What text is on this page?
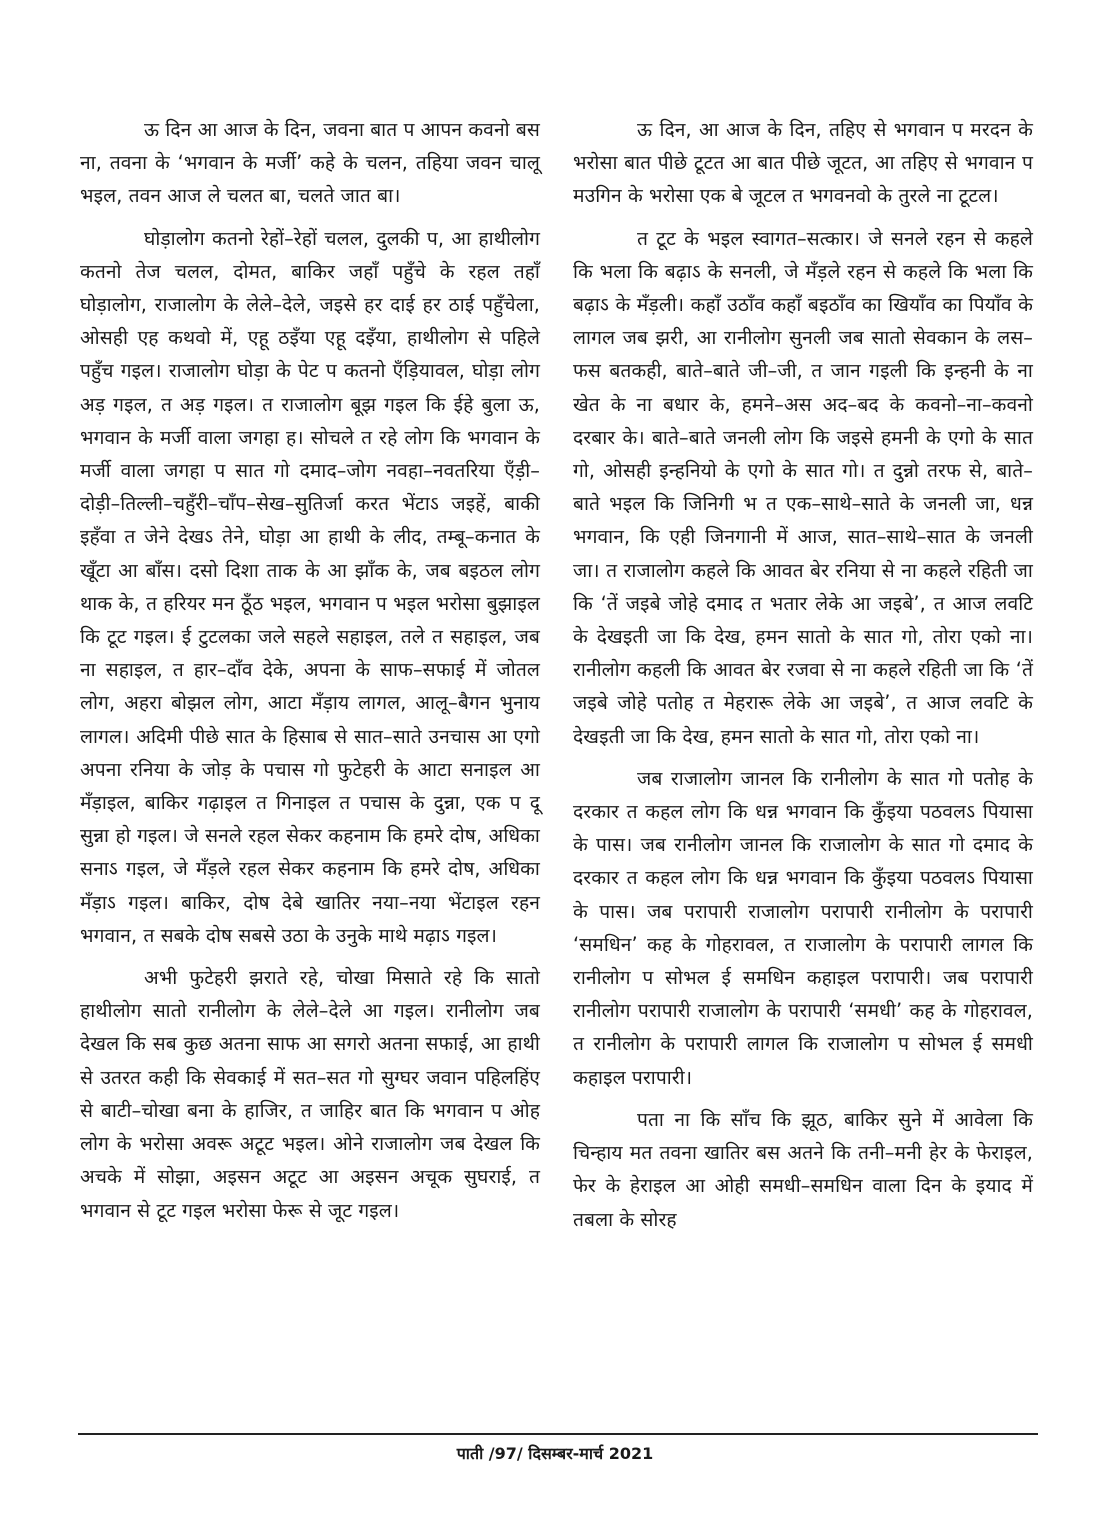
ऊ दिन आ आज के दिन, जवना बात प आपन कवनो बस ना, तवना के ‘भगवान के मर्जी’ कहे के चलन, तहिया जवन चालू भइल, तवन आज ले चलत बा, चलते जात बा।

घोड़ालोग कतनो रेहों–रेहों चलल, दुलकी प, आ हाथीलोग कतनो तेज चलल, दोमत, बाकिर जहाँ पहुँचे के रहल तहाँ घोड़ालोग, राजालोग के लेले–देले, जइसे हर दाई हर ठाई पहुँचेला, ओसही एह कथवो में, एहू ठइँया एहू दइँया, हाथीलोग से पहिले पहुँच गइल। राजालोग घोड़ा के पेट प कतनो एँड़ियावल, घोड़ा लोग अड़ गइल, त अड़ गइल। त राजालोग बूझ गइल कि ईहे बुला ऊ, भगवान के मर्जी वाला जगहा ह। सोचले त रहे लोग कि भगवान के मर्जी वाला जगहा प सात गो दमाद–जोग नवहा–नवतरिया एँड़ी–दोड़ी–तिल्ली–चहुँरी–चाँप–सेख–सुतिर्जा करत भेंटाऽ जइहें, बाकी इहँवा त जेने देखऽ तेने, घोड़ा आ हाथी के लीद, तम्बू–कनात के खूँटा आ बाँस। दसो दिशा ताक के आ झाँक के, जब बइठल लोग थाक के, त हरियर मन ठूँठ भइल, भगवान प भइल भरोसा बुझाइल कि टूट गइल। ई टुटलका जले सहले सहाइल, तले त सहाइल, जब ना सहाइल, त हार–दाँव देके, अपना के साफ–सफाई में जोतल लोग, अहरा बोझल लोग, आटा मँड़ाय लागल, आलू–बैगन भुनाय लागल। अदिमी पीछे सात के हिसाब से सात–साते उनचास आ एगो अपना रनिया के जोड़ के पचास गो फुटेहरी के आटा सनाइल आ मँड़ाइल, बाकिर गढ़ाइल त गिनाइल त पचास के दुन्ना, एक प दू सुन्ना हो गइल। जे सनले रहल सेकर कहनाम कि हमरे दोष, अधिका सनाऽ गइल, जे मँड़ले रहल सेकर कहनाम कि हमरे दोष, अधिका मँड़ाऽ गइल। बाकिर, दोष देबे खातिर नया–नया भेंटाइल रहन भगवान, त सबके दोष सबसे उठा के उनुके माथे मढ़ाऽ गइल।

अभी फुटेहरी झराते रहे, चोखा मिसाते रहे कि सातो हाथीलोग सातो रानीलोग के लेले–देले आ गइल। रानीलोग जब देखल कि सब कुछ अतना साफ आ सगरो अतना सफाई, आ हाथी से उतरत कही कि सेवकाई में सत–सत गो सुग्घर जवान पहिलहिंए से बाटी–चोखा बना के हाजिर, त जाहिर बात कि भगवान प ओह लोग के भरोसा अवरू अटूट भइल। ओने राजालोग जब देखल कि अचके में सोझा, अइसन अटूट आ अइसन अचूक सुघराई, त भगवान से टूट गइल भरोसा फेरू से जूट गइल।

ऊ दिन, आ आज के दिन, तहिए से भगवान प मरदन के भरोसा बात पीछे टूटत आ बात पीछे जूटत, आ तहिए से भगवान प मउगिन के भरोसा एक बे जूटल त भगवनवो के तुरले ना टूटल।

त टूट के भइल स्वागत–सत्कार। जे सनले रहन से कहले कि भला कि बढ़ाऽ के सनली, जे मँड़ले रहन से कहले कि भला कि बढ़ाऽ के मँड़ली। कहाँ उठाँव कहाँ बइठाँव का खियाँव का पियाँव के लागल जब झरी, आ रानीलोग सुनली जब सातो सेवकान के लस–फस बतकही, बाते–बाते जी–जी, त जान गइली कि इन्हनी के ना खेत के ना बधार के, हमने–अस अद–बद के कवनो–ना–कवनो दरबार के। बाते–बाते जनली लोग कि जइसे हमनी के एगो के सात गो, ओसही इन्हनियो के एगो के सात गो। त दुन्नो तरफ से, बाते–बाते भइल कि जिनिगी भ त एक–साथे–साते के जनली जा, धन्न भगवान, कि एही जिनगानी में आज, सात–साथे–सात के जनली जा। त राजालोग कहले कि आवत बेर रनिया से ना कहले रहिती जा कि ‘तें जइबे जोहे दमाद त भतार लेके आ जइबे’, त आज लवटि के देखइती जा कि देख, हमन सातो के सात गो, तोरा एको ना। रानीलोग कहली कि आवत बेर रजवा से ना कहले रहिती जा कि ‘तें जइबे जोहे पतोह त मेहरारू लेके आ जइबे’, त आज लवटि के देखइती जा कि देख, हमन सातो के सात गो, तोरा एको ना।

जब राजालोग जानल कि रानीलोग के सात गो पतोह के दरकार त कहल लोग कि धन्न भगवान कि कुँइया पठवलऽ पियासा के पास। जब रानीलोग जानल कि राजालोग के सात गो दमाद के दरकार त कहल लोग कि धन्न भगवान कि कुँइया पठवलऽ पियासा के पास। जब परापारी राजालोग परापारी रानीलोग के परापारी ‘समधिन’ कह के गोहरावल, त राजालोग के परापारी लागल कि रानीलोग प सोभल ई समधिन कहाइल परापारी। जब परापारी रानीलोग परापारी राजालोग के परापारी ‘समधी’ कह के गोहरावल, त रानीलोग के परापारी लागल कि राजालोग प सोभल ई समधी कहाइल परापारी।

पता ना कि साँच कि झूठ, बाकिर सुने में आवेला कि चिन्हाय मत तवना खातिर बस अतने कि तनी–मनी हेर के फेराइल, फेर के हेराइल आ ओही समधी–समधिन वाला दिन के इयाद में तबला के सोरह

पाती /97/ दिसम्बर-मार्च 2021
